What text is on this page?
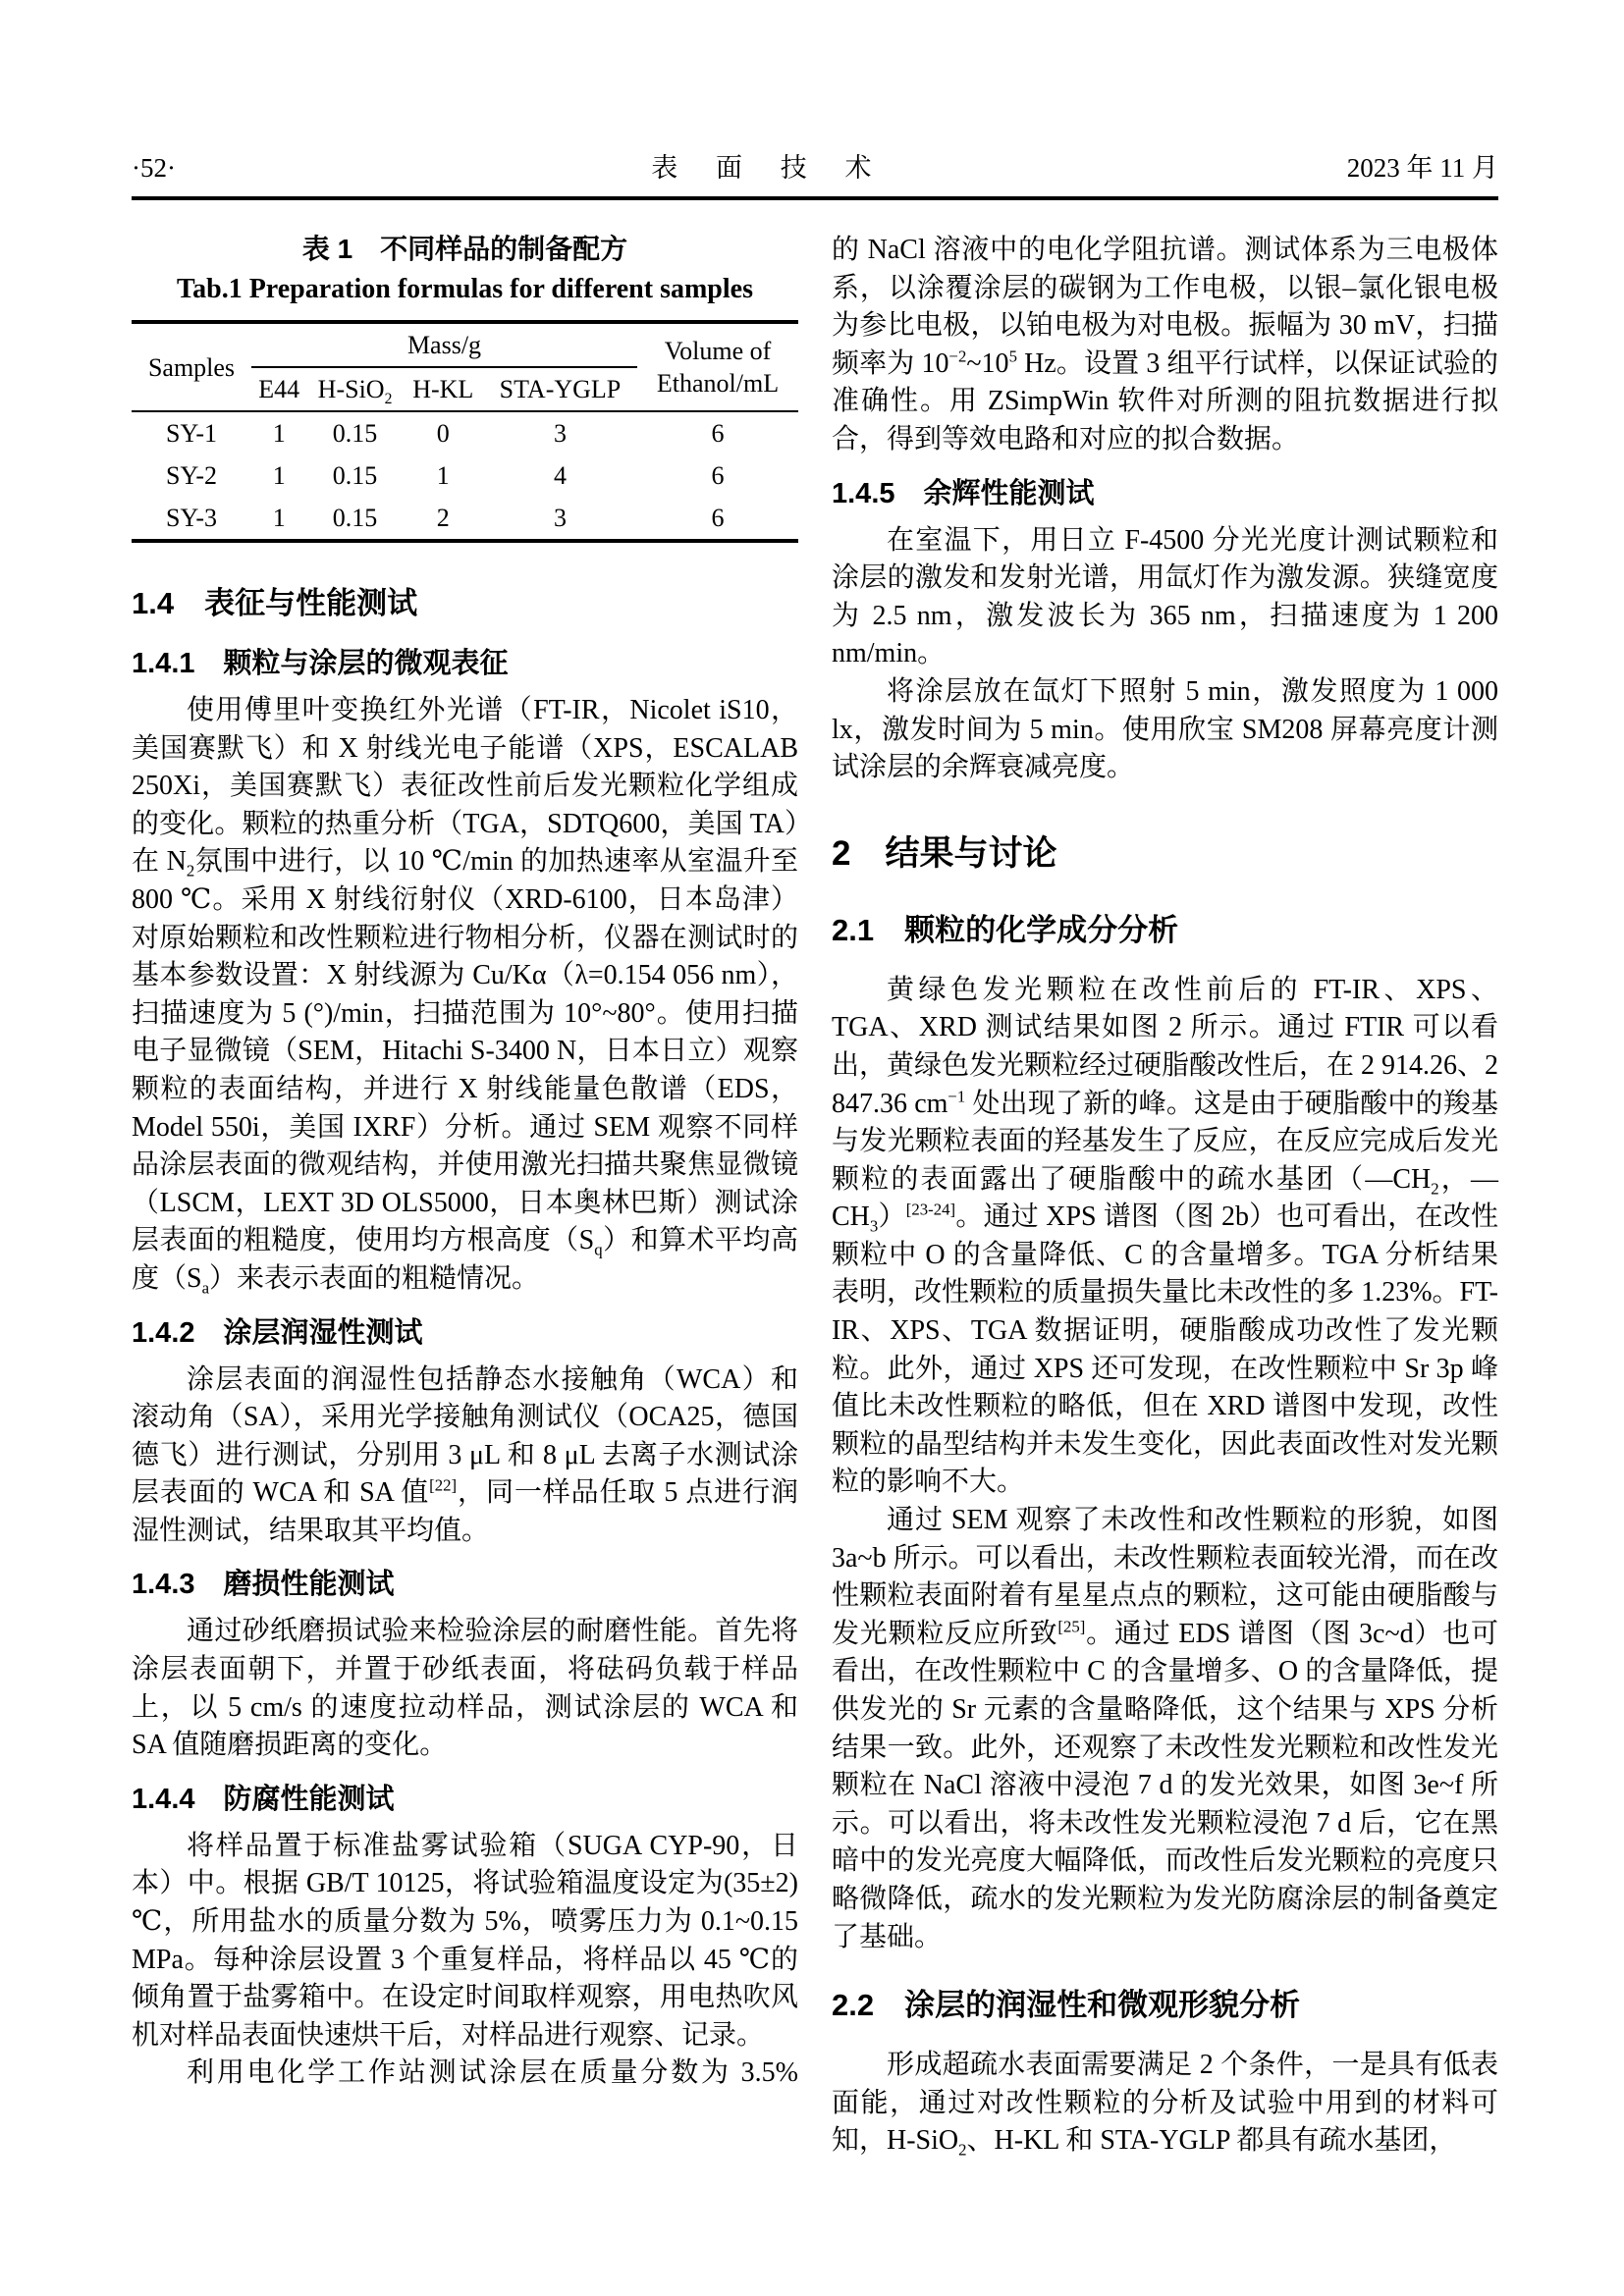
·52·	表 面 技 术	2023 年 11 月
表 1　不同样品的制备配方
Tab.1 Preparation formulas for different samples
Samples	Mass/g				Volume of Ethanol/mL
	E44	H-SiO$_2$	H-KL	STA-YGLP	
SY-1	1	0.15	0	3	6
SY-2	1	0.15	1	4	6
SY-3	1	0.15	2	3	6
1.4　表征与性能测试
1.4.1　颗粒与涂层的微观表征

使用傅里叶变换红外光谱（FT-IR，Nicolet iS10，美国赛默飞）和 X 射线光电子能谱（XPS，ESCALAB 250Xi，美国赛默飞）表征改性前后发光颗粒化学组成的变化。颗粒的热重分析（TGA，SDTQ600，美国 TA）在 $N_2$氛围中进行，以 10 ℃/min 的加热速率从室温升至 800 ℃。采用 X 射线衍射仪（XRD-6100，日本岛津）对原始颗粒和改性颗粒进行物相分析，仪器在测试时的基本参数设置：X 射线源为 Cu/Kα（λ=0.154 056 nm），扫描速度为 5 (°)/min，扫描范围为 10°~80°。使用扫描电子显微镜（SEM，Hitachi S-3400 N，日本日立）观察颗粒的表面结构，并进行 X 射线能量色散谱（EDS，Model 550i，美国 IXRF）分析。通过 SEM 观察不同样品涂层表面的微观结构，并使用激光扫描共聚焦显微镜（LSCM，LEXT 3D OLS5000，日本奥林巴斯）测试涂层表面的粗糙度，使用均方根高度$(S_q)$和算术平均高度$(S_a)$来表示表面的粗糙情况。

1.4.2　涂层润湿性测试

涂层表面的润湿性包括静态水接触角（WCA）和滚动角（SA），采用光学接触角测试仪（OCA25，德国德飞）进行测试，分别用 3 μL 和 8 μL 去离子水测试涂层表面的 WCA 和 SA 值[22]，同一样品任取 5 点进行润湿性测试，结果取其平均值。

1.4.3　磨损性能测试

通过砂纸磨损试验来检验涂层的耐磨性能。首先将涂层表面朝下，并置于砂纸表面，将砝码负载于样品上，以 5 cm/s 的速度拉动样品，测试涂层的 WCA 和 SA 值随磨损距离的变化。

1.4.4　防腐性能测试

将样品置于标准盐雾试验箱（SUGA CYP-90，日本）中。根据 GB/T 10125，将试验箱温度设定为(35±2) ℃，所用盐水的质量分数为 5%，喷雾压力为 0.1~0.15 MPa。每种涂层设置 3 个重复样品，将样品以 45 ℃的倾角置于盐雾箱中。在设定时间取样观察，用电热吹风机对样品表面快速烘干后，对样品进行观察、记录。

利用电化学工作站测试涂层在质量分数为 3.5%

的 NaCl 溶液中的电化学阻抗谱。测试体系为三电极体系，以涂覆涂层的碳钢为工作电极，以银–氯化银电极为参比电极，以铂电极为对电极。振幅为 30 mV，扫描频率为 $10^{-2}\sim 10^5$ Hz。设置 3 组平行试样，以保证试验的准确性。用 ZSimpWin 软件对所测的阻抗数据进行拟合，得到等效电路和对应的拟合数据。

1.4.5　余辉性能测试

在室温下，用日立 F-4500 分光光度计测试颗粒和涂层的激发和发射光谱，用氙灯作为激发源。狭缝宽度为 2.5 nm，激发波长为 365 nm，扫描速度为 1 200 nm/min。

将涂层放在氙灯下照射 5 min，激发照度为 1 000 lx，激发时间为 5 min。使用欣宝 SM208 屏幕亮度计测试涂层的余辉衰减亮度。

2　结果与讨论
2.1　颗粒的化学成分分析

黄绿色发光颗粒在改性前后的 FT-IR、XPS、TGA、XRD 测试结果如图 2 所示。通过 FTIR 可以看出，黄绿色发光颗粒经过硬脂酸改性后，在 2 914.26、2 847.36 $cm^{-1}$ 处出现了新的峰。这是由于硬脂酸中的羧基与发光颗粒表面的羟基发生了反应，在反应完成后发光颗粒的表面露出了硬脂酸中的疏水基团（$—CH_2$，$—CH_3)[23-24]$。通过 XPS 谱图（图 2b）也可看出，在改性颗粒中 O 的含量降低、C 的含量增多。TGA 分析结果表明，改性颗粒的质量损失量比未改性的多 1.23%。FT-IR、XPS、TGA 数据证明，硬脂酸成功改性了发光颗粒。此外，通过 XPS 还可发现，在改性颗粒中 Sr 3p 峰值比未改性颗粒的略低，但在 XRD 谱图中发现，改性颗粒的晶型结构并未发生变化，因此表面改性对发光颗粒的影响不大。

通过 SEM 观察了未改性和改性颗粒的形貌，如图 3a~b 所示。可以看出，未改性颗粒表面较光滑，而在改性颗粒表面附着有星星点点的颗粒，这可能由硬脂酸与发光颗粒反应所致[25]。通过 EDS 谱图（图 3c~d）也可看出，在改性颗粒中 C 的含量增多、O 的含量降低，提供发光的 Sr 元素的含量略降低，这个结果与 XPS 分析结果一致。此外，还观察了未改性发光颗粒和改性发光颗粒在 NaCl 溶液中浸泡 7 d 的发光效果，如图 3e~f 所示。可以看出，将未改性发光颗粒浸泡 7 d 后，它在黑暗中的发光亮度大幅降低，而改性后发光颗粒的亮度只略微降低，疏水的发光颗粒为发光防腐涂层的制备奠定了基础。

2.2　涂层的润湿性和微观形貌分析

形成超疏水表面需要满足 2 个条件，一是具有低表面能，通过对改性颗粒的分析及试验中用到的材料可知，H-SiO$_2$、H-KL 和 STA-YGLP 都具有疏水基团，
